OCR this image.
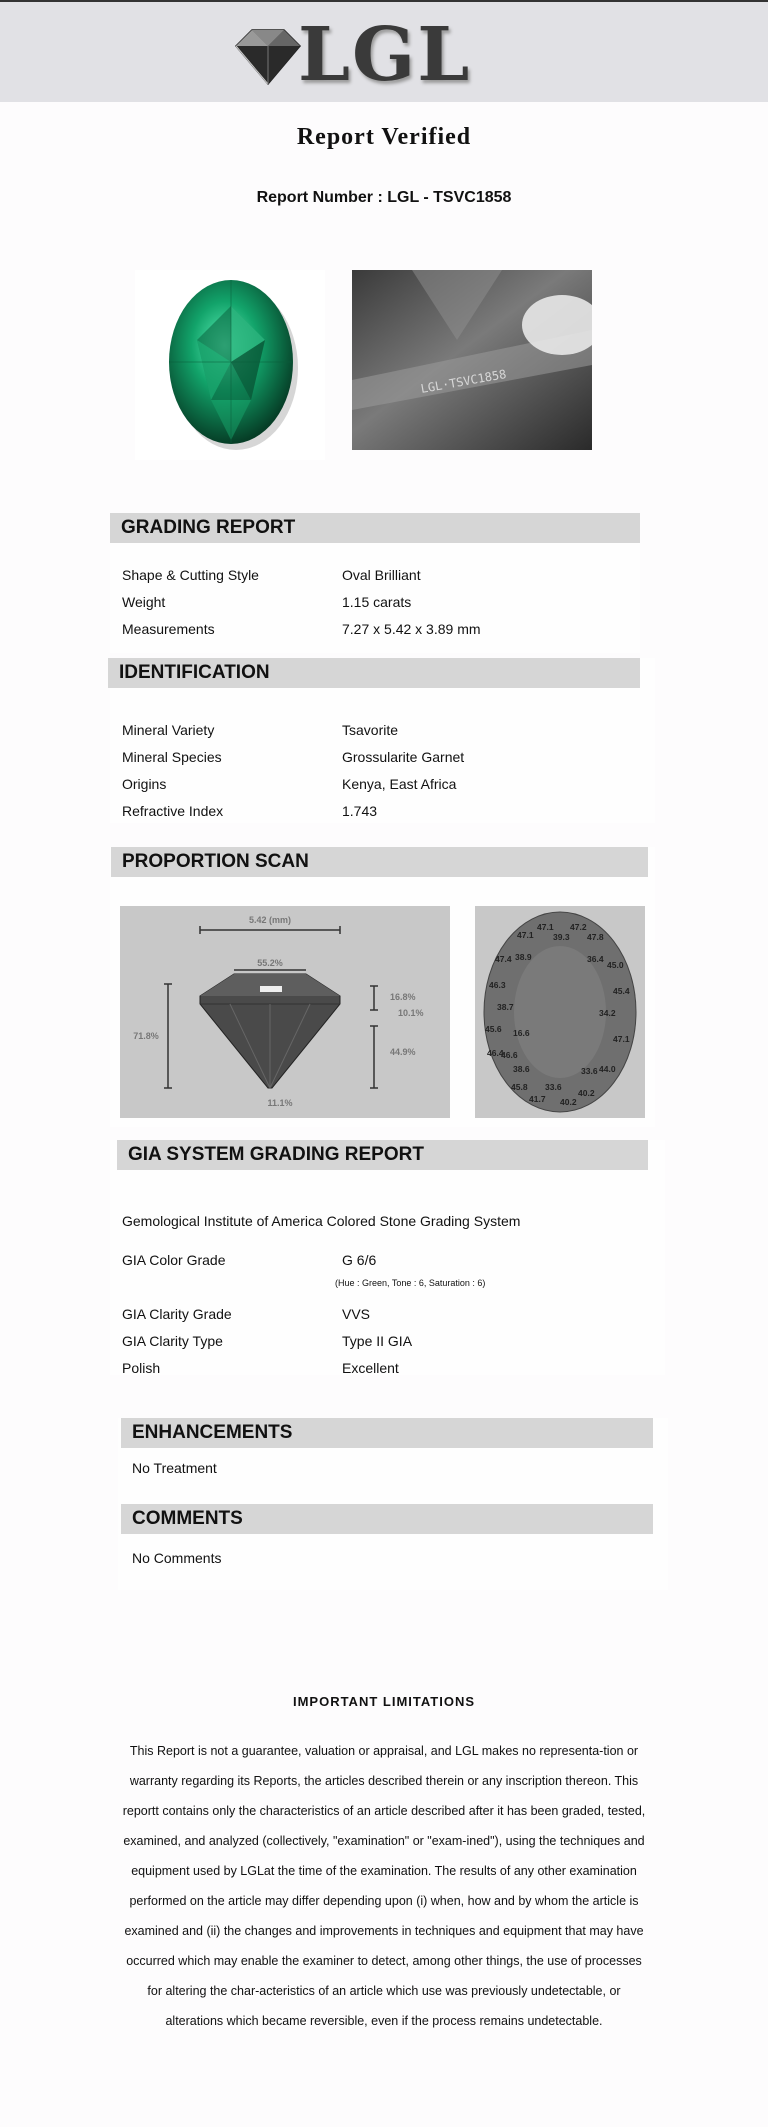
LGL
Report Verified
Report Number : LGL - TSVC1858
LGL·TSVC1858
GRADING REPORT
Shape & Cutting Style	Oval Brilliant
Weight	1.15 carats
Measurements	7.27 x 5.42 x 3.89 mm
IDENTIFICATION
Mineral Variety	Tsavorite
Mineral Species	Grossularite Garnet
Origins	Kenya, East Africa
Refractive Index	1.743
PROPORTION SCAN
5.42 (mm)
55.2%
71.8%
16.8%
10.1%
44.9%
11.1%
47.1 47.2
47.1 39.3 47.8
47.4 38.9	36.4
45.0
46.3
45.4
38.7
34.2
45.6 16.6
47.1
46.4
46.6
38.6	44.0
33.6
45.8 33.6
40.2
41.7 40.2
GIA SYSTEM GRADING REPORT
Gemological Institute of America Colored Stone Grading System
GIA Color Grade	G 6/6
(Hue : Green, Tone : 6, Saturation : 6)
GIA Clarity Grade	VVS
GIA Clarity Type	Type II GIA
Polish	Excellent
ENHANCEMENTS
No Treatment
COMMENTS
No Comments
IMPORTANT LIMITATIONS
This Report is not a guarantee, valuation or appraisal, and LGL makes no representa-tion or warranty regarding its Reports, the articles described therein or any inscription thereon. This reportt contains only the characteristics of an article described after it has been graded, tested, examined, and analyzed (collectively, "examination" or "exam-ined"), using the techniques and equipment used by LGLat the time of the examination. The results of any other examination performed on the article may differ depending upon (i) when, how and by whom the article is examined and (ii) the changes and improvements in techniques and equipment that may have occurred which may enable the examiner to detect, among other things, the use of processes for altering the char-acteristics of an article which use was previously undetectable, or alterations which became reversible, even if the process remains undetectable.
